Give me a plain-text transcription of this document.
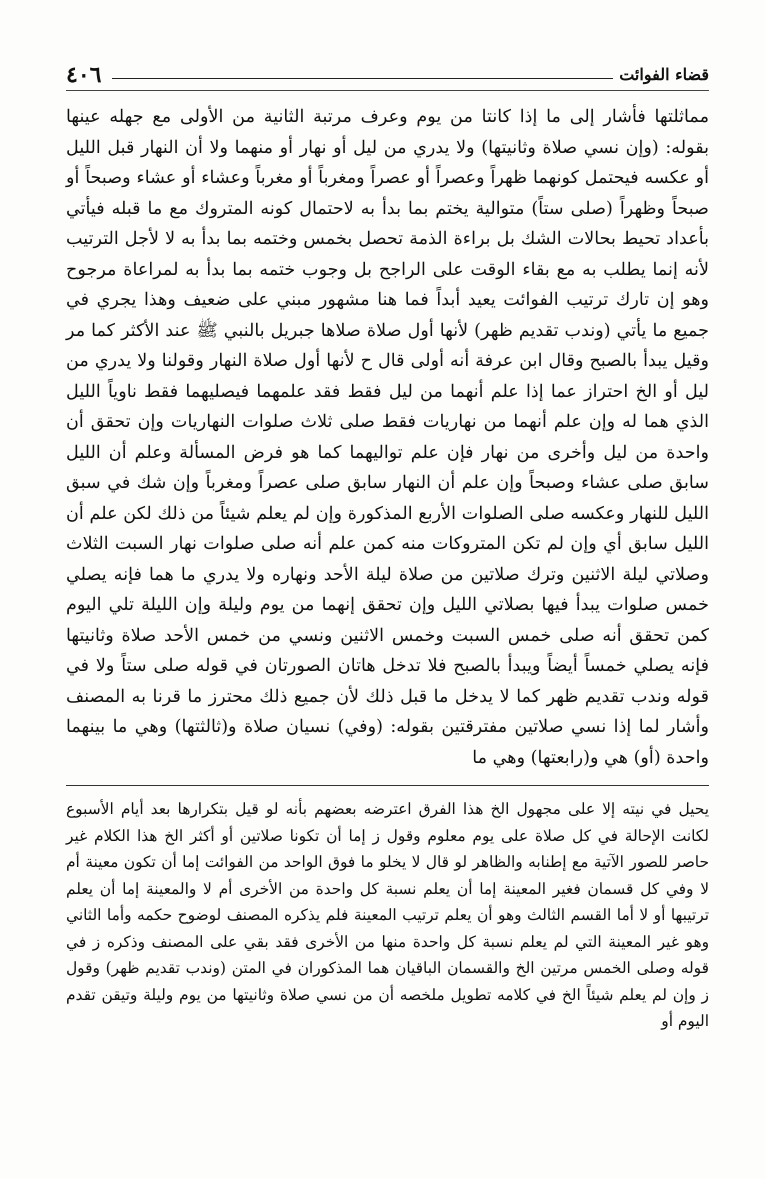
٤٠٦	قضاء الفوائت

مماثلتها فأشار إلى ما إذا كانتا من يوم وعرف مرتبة الثانية من الأولى مع جهله عينها بقوله: (وإن نسي صلاة وثانيتها) ولا يدري من ليل أو نهار أو منهما ولا أن النهار قبل الليل أو عكسه فيحتمل كونهما ظهراً وعصراً أو عصراً ومغرباً أو مغرباً وعشاء أو عشاء وصبحاً أو صبحاً وظهراً (صلى ستاً) متوالية يختم بما بدأ به لاحتمال كونه المتروك مع ما قبله فيأتي بأعداد تحيط بحالات الشك بل براءة الذمة تحصل بخمس وختمه بما بدأ به لا لأجل الترتيب لأنه إنما يطلب به مع بقاء الوقت على الراجح بل وجوب ختمه بما بدأ به لمراعاة مرجوح وهو إن تارك ترتيب الفوائت يعيد أبداً فما هنا مشهور مبني على ضعيف وهذا يجري في جميع ما يأتي (وندب تقديم ظهر) لأنها أول صلاة صلاها جبريل بالنبي ﷺ عند الأكثر كما مر وقيل يبدأ بالصبح وقال ابن عرفة أنه أولى قال ح لأنها أول صلاة النهار وقولنا ولا يدري من ليل أو الخ احتراز عما إذا علم أنهما من ليل فقط فقد علمهما فيصليهما فقط ناوياً الليل الذي هما له وإن علم أنهما من نهاريات فقط صلى ثلاث صلوات النهاريات وإن تحقق أن واحدة من ليل وأخرى من نهار فإن علم تواليهما كما هو فرض المسألة وعلم أن الليل سابق صلى عشاء وصبحاً وإن علم أن النهار سابق صلى عصراً ومغرباً وإن شك في سبق الليل للنهار وعكسه صلى الصلوات الأربع المذكورة وإن لم يعلم شيئاً من ذلك لكن علم أن الليل سابق أي وإن لم تكن المتروكات منه كمن علم أنه صلى صلوات نهار السبت الثلاث وصلاتي ليلة الاثنين وترك صلاتين من صلاة ليلة الأحد ونهاره ولا يدري ما هما فإنه يصلي خمس صلوات يبدأ فيها بصلاتي الليل وإن تحقق إنهما من يوم وليلة وإن الليلة تلي اليوم كمن تحقق أنه صلى خمس السبت وخمس الاثنين ونسي من خمس الأحد صلاة وثانيتها فإنه يصلي خمساً أيضاً ويبدأ بالصبح فلا تدخل هاتان الصورتان في قوله صلى ستاً ولا في قوله وندب تقديم ظهر كما لا يدخل ما قبل ذلك لأن جميع ذلك محترز ما قرنا به المصنف وأشار لما إذا نسي صلاتين مفترقتين بقوله: (وفي) نسيان صلاة و(ثالثتها) وهي ما بينهما واحدة (أو) هي و(رابعتها) وهي ما

يحيل في نيته إلا على مجهول الخ هذا الفرق اعترضه بعضهم بأنه لو قيل بتكرارها بعد أيام الأسبوع لكانت الإحالة في كل صلاة على يوم معلوم وقول ز إما أن تكونا صلاتين أو أكثر الخ هذا الكلام غير حاصر للصور الآتية مع إطنابه والظاهر لو قال لا يخلو ما فوق الواحد من الفوائت إما أن تكون معينة أم لا وفي كل قسمان فغير المعينة إما أن يعلم نسبة كل واحدة من الأخرى أم لا والمعينة إما أن يعلم ترتيبها أو لا أما القسم الثالث وهو أن يعلم ترتيب المعينة فلم يذكره المصنف لوضوح حكمه وأما الثاني وهو غير المعينة التي لم يعلم نسبة كل واحدة منها من الأخرى فقد بقي على المصنف وذكره ز في قوله وصلى الخمس مرتين الخ والقسمان الباقيان هما المذكوران في المتن (وندب تقديم ظهر) وقول ز وإن لم يعلم شيئاً الخ في كلامه تطويل ملخصه أن من نسي صلاة وثانيتها من يوم وليلة وتيقن تقدم اليوم أو
